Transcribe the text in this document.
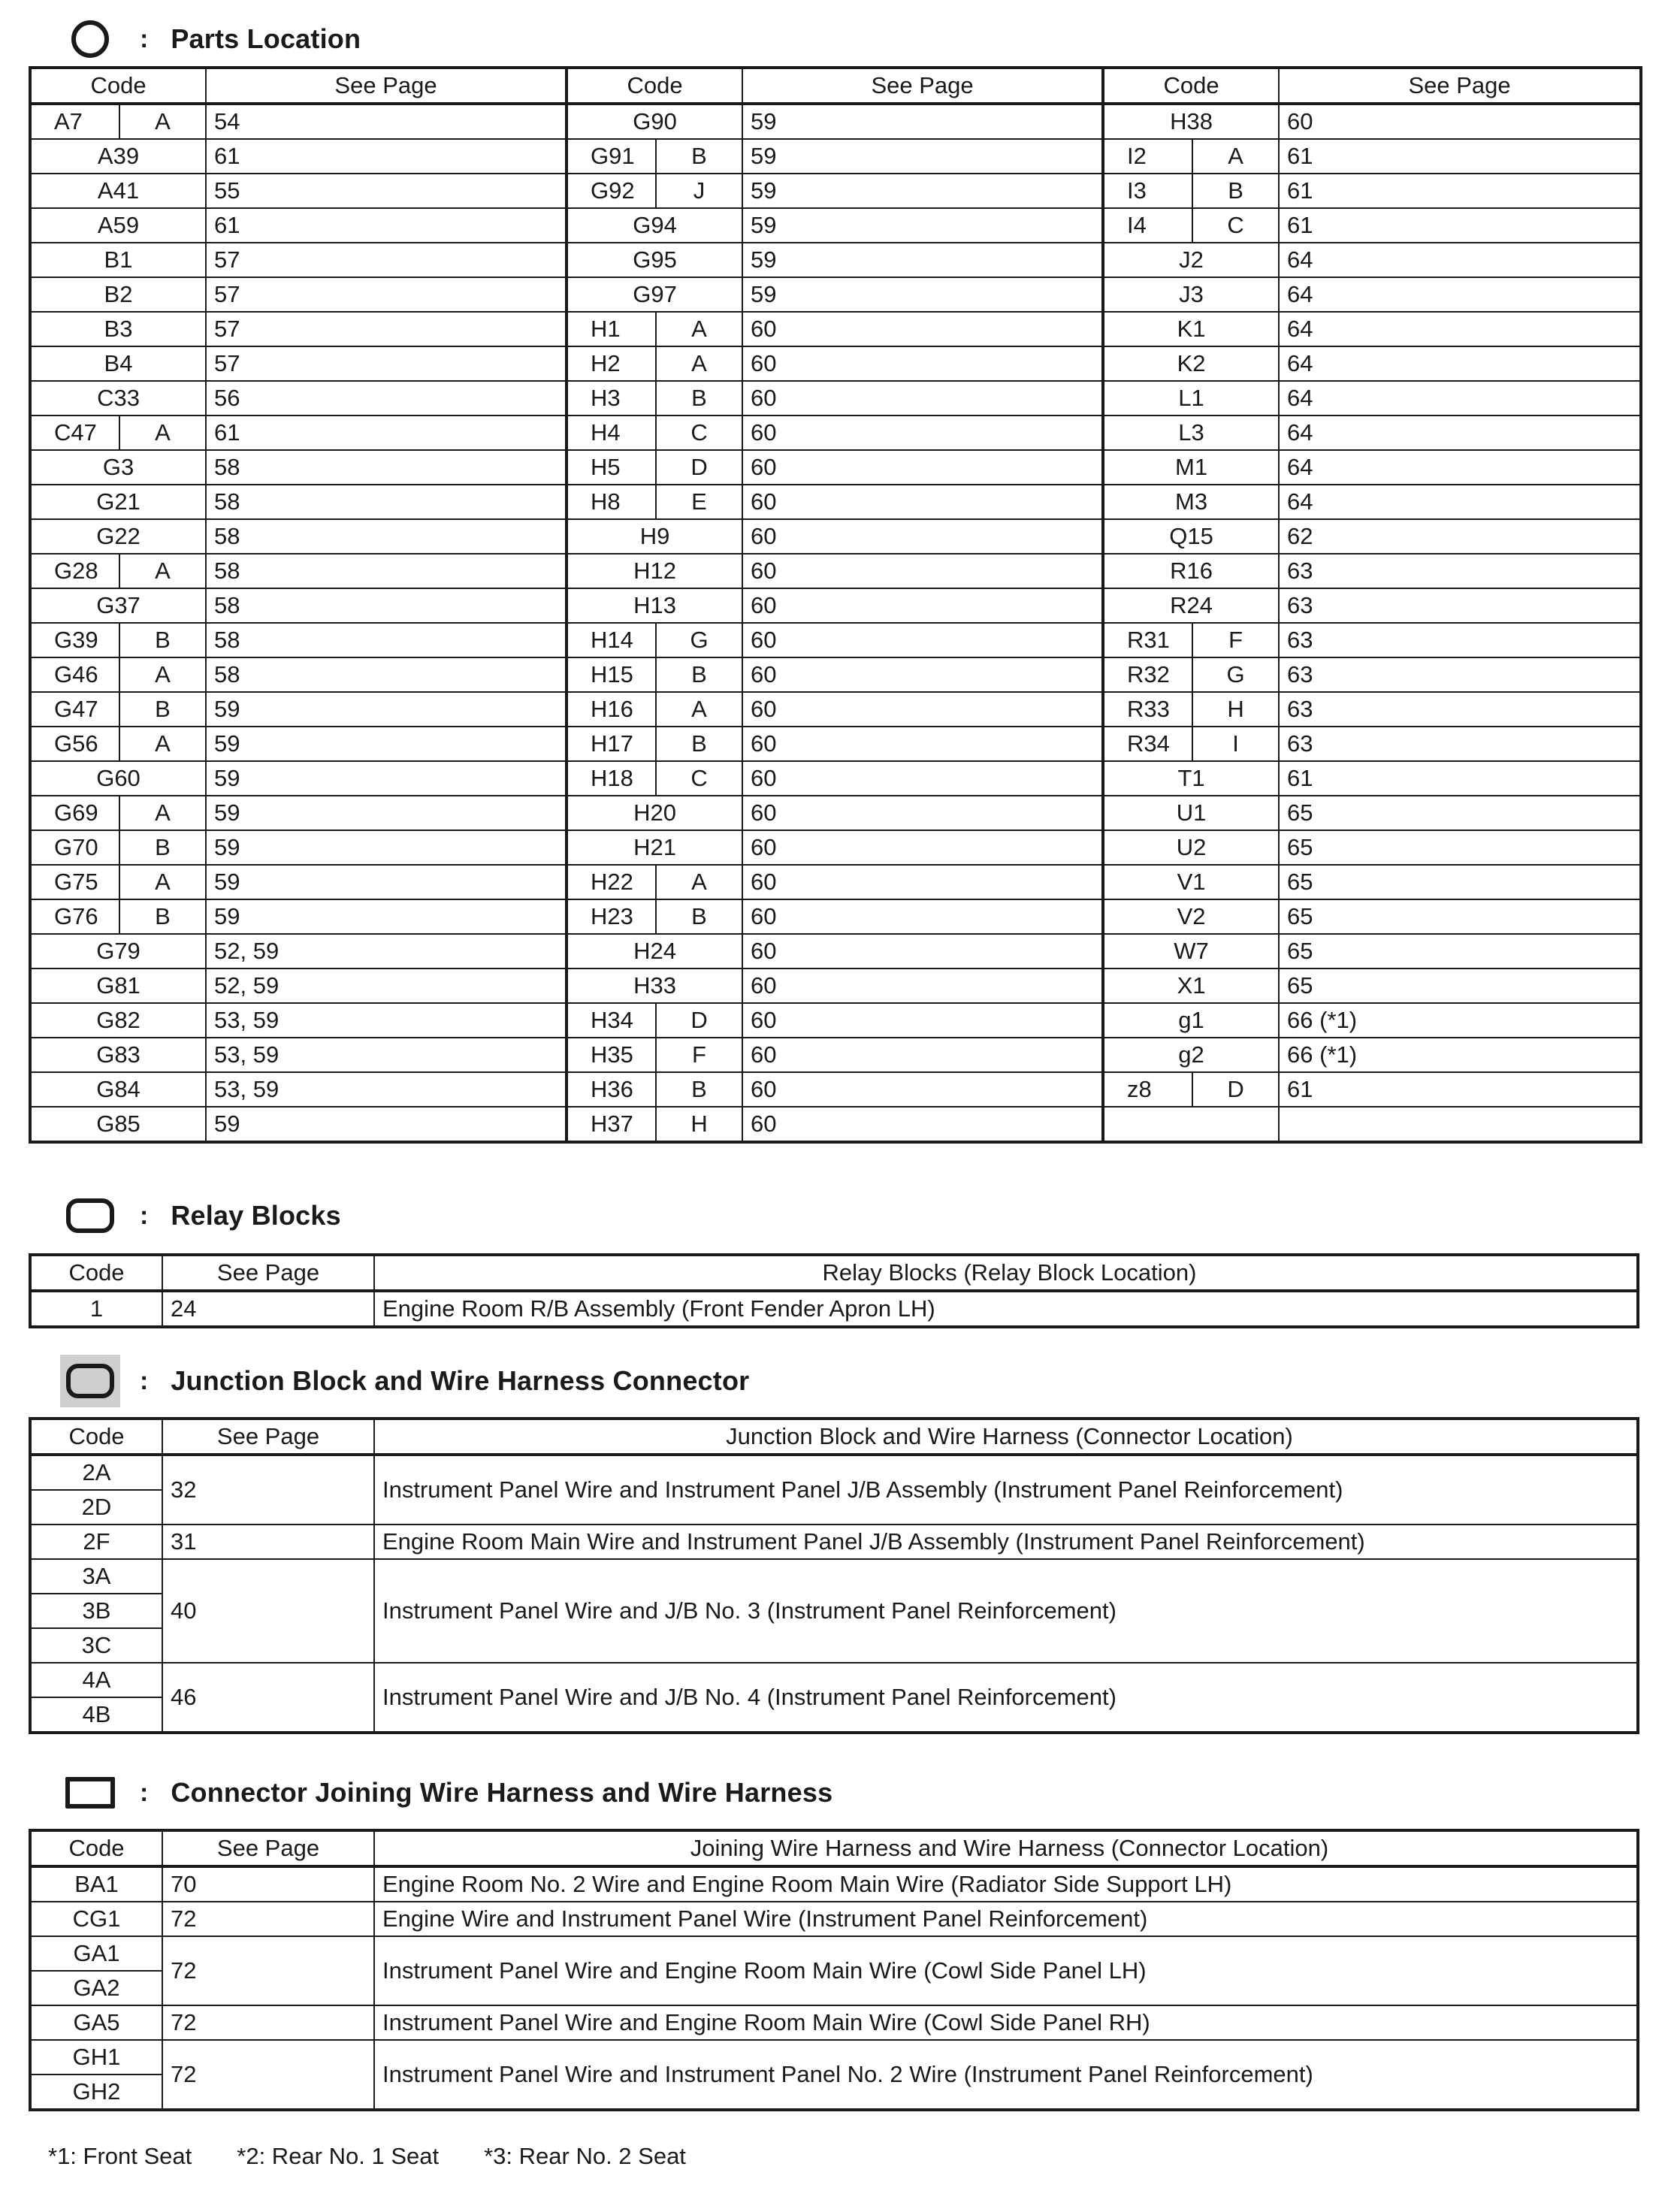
: Parts Location
Code		See Page	Code		See Page	Code		See Page
A7	A	54	G90		59	H38		60
A39		61	G91	B	59	I2	A	61
A41		55	G92	J	59	I3	B	61
A59		61	G94		59	I4	C	61
B1		57	G95		59	J2		64
B2		57	G97		59	J3		64
B3		57	H1	A	60	K1		64
B4		57	H2	A	60	K2		64
C33		56	H3	B	60	L1		64
C47	A	61	H4	C	60	L3		64
G3		58	H5	D	60	M1		64
G21		58	H8	E	60	M3		64
G22		58	H9		60	Q15		62
G28	A	58	H12		60	R16		63
G37		58	H13		60	R24		63
G39	B	58	H14	G	60	R31	F	63
G46	A	58	H15	B	60	R32	G	63
G47	B	59	H16	A	60	R33	H	63
G56	A	59	H17	B	60	R34	I	63
G60		59	H18	C	60	T1		61
G69	A	59	H20		60	U1		65
G70	B	59	H21		60	U2		65
G75	A	59	H22	A	60	V1		65
G76	B	59	H23	B	60	V2		65
G79		52, 59	H24		60	W7		65
G81		52, 59	H33		60	X1		65
G82		53, 59	H34	D	60	g1		66 (*1)
G83		53, 59	H35	F	60	g2		66 (*1)
G84		53, 59	H36	B	60	z8	D	61
G85		59	H37	H	60			
: Relay Blocks
Code	See Page	Relay Blocks (Relay Block Location)
1	24	Engine Room R/B Assembly (Front Fender Apron LH)
: Junction Block and Wire Harness Connector
Code	See Page	Junction Block and Wire Harness (Connector Location)
2A	32	Instrument Panel Wire and Instrument Panel J/B Assembly (Instrument Panel Reinforcement)
2D		
2F	31	Engine Room Main Wire and Instrument Panel J/B Assembly (Instrument Panel Reinforcement)
3A	40	Instrument Panel Wire and J/B No. 3 (Instrument Panel Reinforcement)
3B		
3C		
4A	46	Instrument Panel Wire and J/B No. 4 (Instrument Panel Reinforcement)
4B		
: Connector Joining Wire Harness and Wire Harness
Code	See Page	Joining Wire Harness and Wire Harness (Connector Location)
BA1	70	Engine Room No. 2 Wire and Engine Room Main Wire (Radiator Side Support LH)
CG1	72	Engine Wire and Instrument Panel Wire (Instrument Panel Reinforcement)
GA1	72	Instrument Panel Wire and Engine Room Main Wire (Cowl Side Panel LH)
GA2		
GA5	72	Instrument Panel Wire and Engine Room Main Wire (Cowl Side Panel RH)
GH1	72	Instrument Panel Wire and Instrument Panel No. 2 Wire (Instrument Panel Reinforcement)
GH2		
*1: Front Seat *2: Rear No. 1 Seat *3: Rear No. 2 Seat
